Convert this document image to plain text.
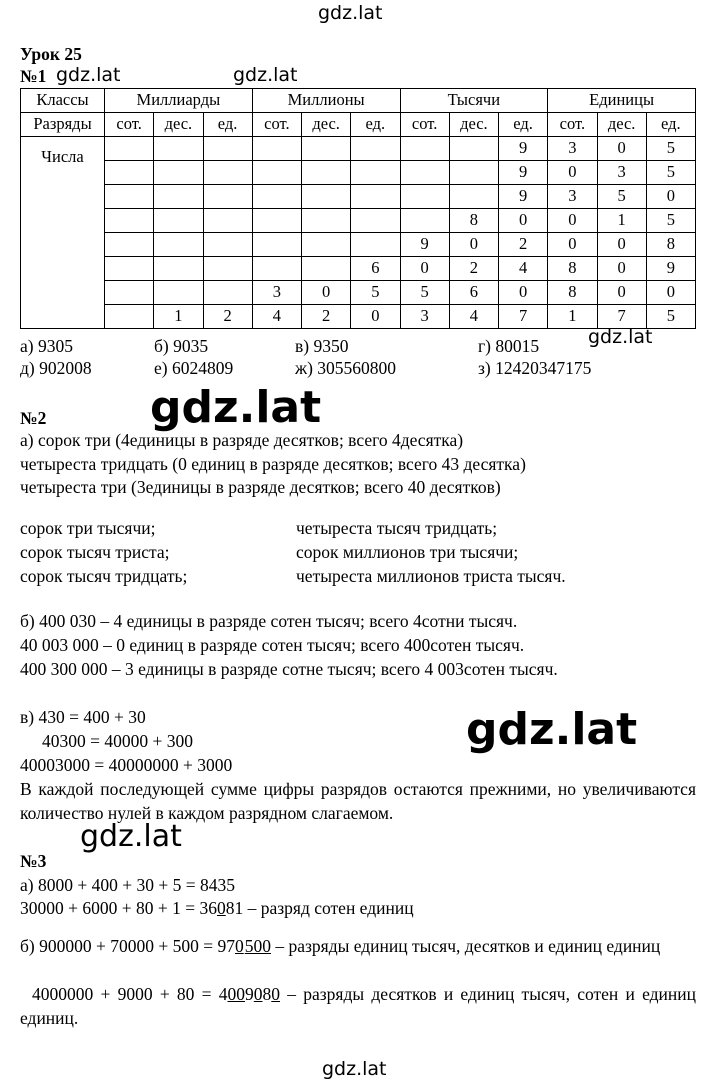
gdz.lat
gdz.lat	gdz.lat
gdz.lat
gdz.lat
gdz.lat
gdz.lat
gdz.lat
Урок 25
№1
Классы	Миллиарды			Миллионы			Тысячи			Единицы		
Разряды	сот.	дес.	ед.	сот.	дес.	ед.	сот.	дес.	ед.	сот.	дес.	ед.
Числа									9	3	0	5
									9	0	3	5
									9	3	5	0
								8	0	0	1	5
							9	0	2	0	0	8
						6	0	2	4	8	0	9
				3	0	5	5	6	0	8	0	0
		1	2	4	2	0	3	4	7	1	7	5
а) 9305	б) 9035	в) 9350	г) 80015
д) 902008	е) 6024809	ж) 305560800	з) 12420347175
№2
а) сорок три (4единицы в разряде десятков; всего 4десятка)
четыреста тридцать (0 единиц в разряде десятков; всего 43 десятка)
четыреста три (3единицы в разряде десятков; всего 40 десятков)
сорок три тысячи;	четыреста тысяч тридцать;
сорок тысяч триста;	сорок миллионов три тысячи;
сорок тысяч тридцать;	четыреста миллионов триста тысяч.
б) 400 030 – 4 единицы в разряде сотен тысяч; всего 4сотни тысяч.
40 003 000 – 0 единиц в разряде сотен тысяч; всего 400сотен тысяч.
400 300 000 – 3 единицы в разряде сотне тысяч; всего 4 003сотен тысяч.
в) 430 = 400 + 30
40300 = 40000 + 300
40003000 = 40000000 + 3000
В каждой последующей сумме цифры разрядов остаются прежними, но увеличиваются количество нулей в каждом разрядном слагаемом.
№3
а) 8000 + 400 + 30 + 5 = 8435
30000 + 6000 + 80 + 1 = 36081 – разряд сотен единиц
б) 900000 + 70000 + 500 = 970500 – разряды единиц тысяч, десятков и единиц единиц
4000000 + 9000 + 80 = 4009080 – разряды десятков и единиц тысяч, сотен и единиц единиц.
